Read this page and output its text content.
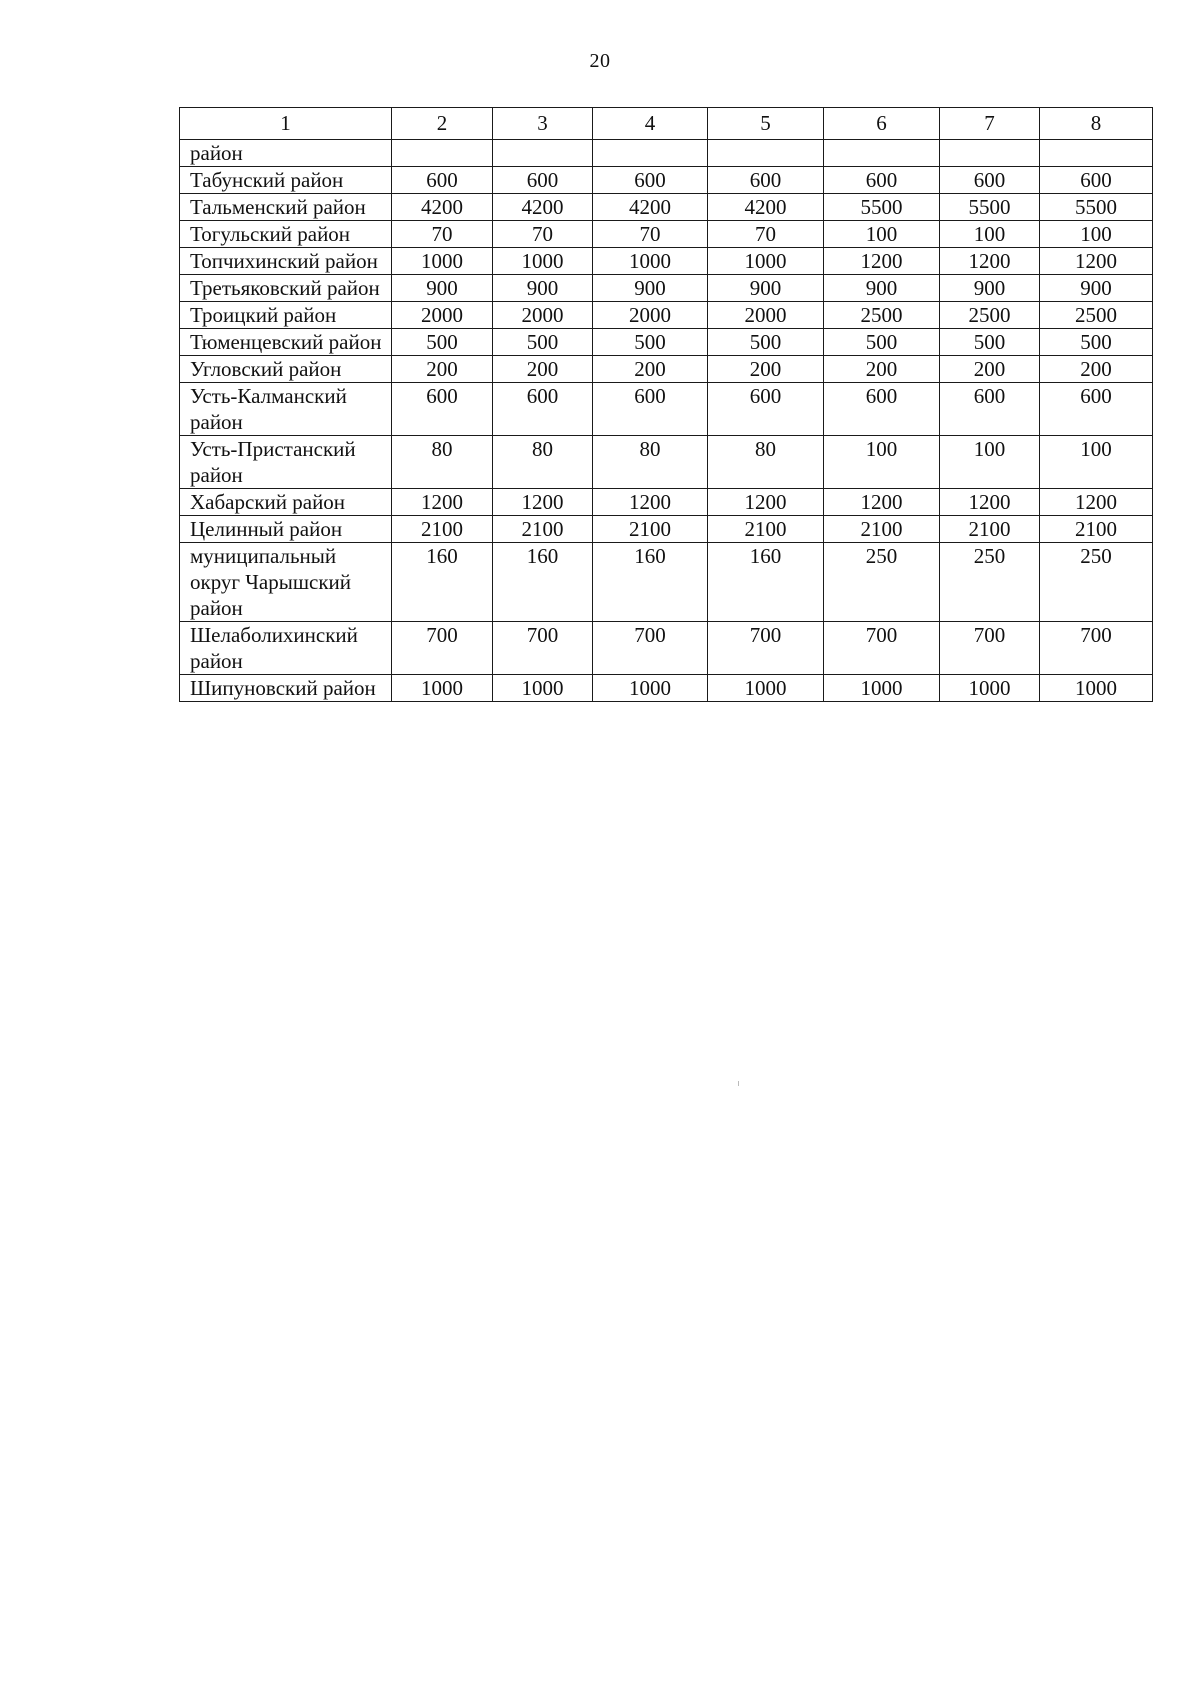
20
1	2	3	4	5	6	7	8
район							
Табунский район	600	600	600	600	600	600	600
Тальменский район	4200	4200	4200	4200	5500	5500	5500
Тогульский район	70	70	70	70	100	100	100
Топчихинский район	1000	1000	1000	1000	1200	1200	1200
Третьяковский район	900	900	900	900	900	900	900
Троицкий район	2000	2000	2000	2000	2500	2500	2500
Тюменцевский район	500	500	500	500	500	500	500
Угловский район	200	200	200	200	200	200	200
Усть-Калманский район	600	600	600	600	600	600	600
Усть-Пристанский район	80	80	80	80	100	100	100
Хабарский район	1200	1200	1200	1200	1200	1200	1200
Целинный район	2100	2100	2100	2100	2100	2100	2100
муниципальный округ Чарышский район	160	160	160	160	250	250	250
Шелаболихинский район	700	700	700	700	700	700	700
Шипуновский район	1000	1000	1000	1000	1000	1000	1000
